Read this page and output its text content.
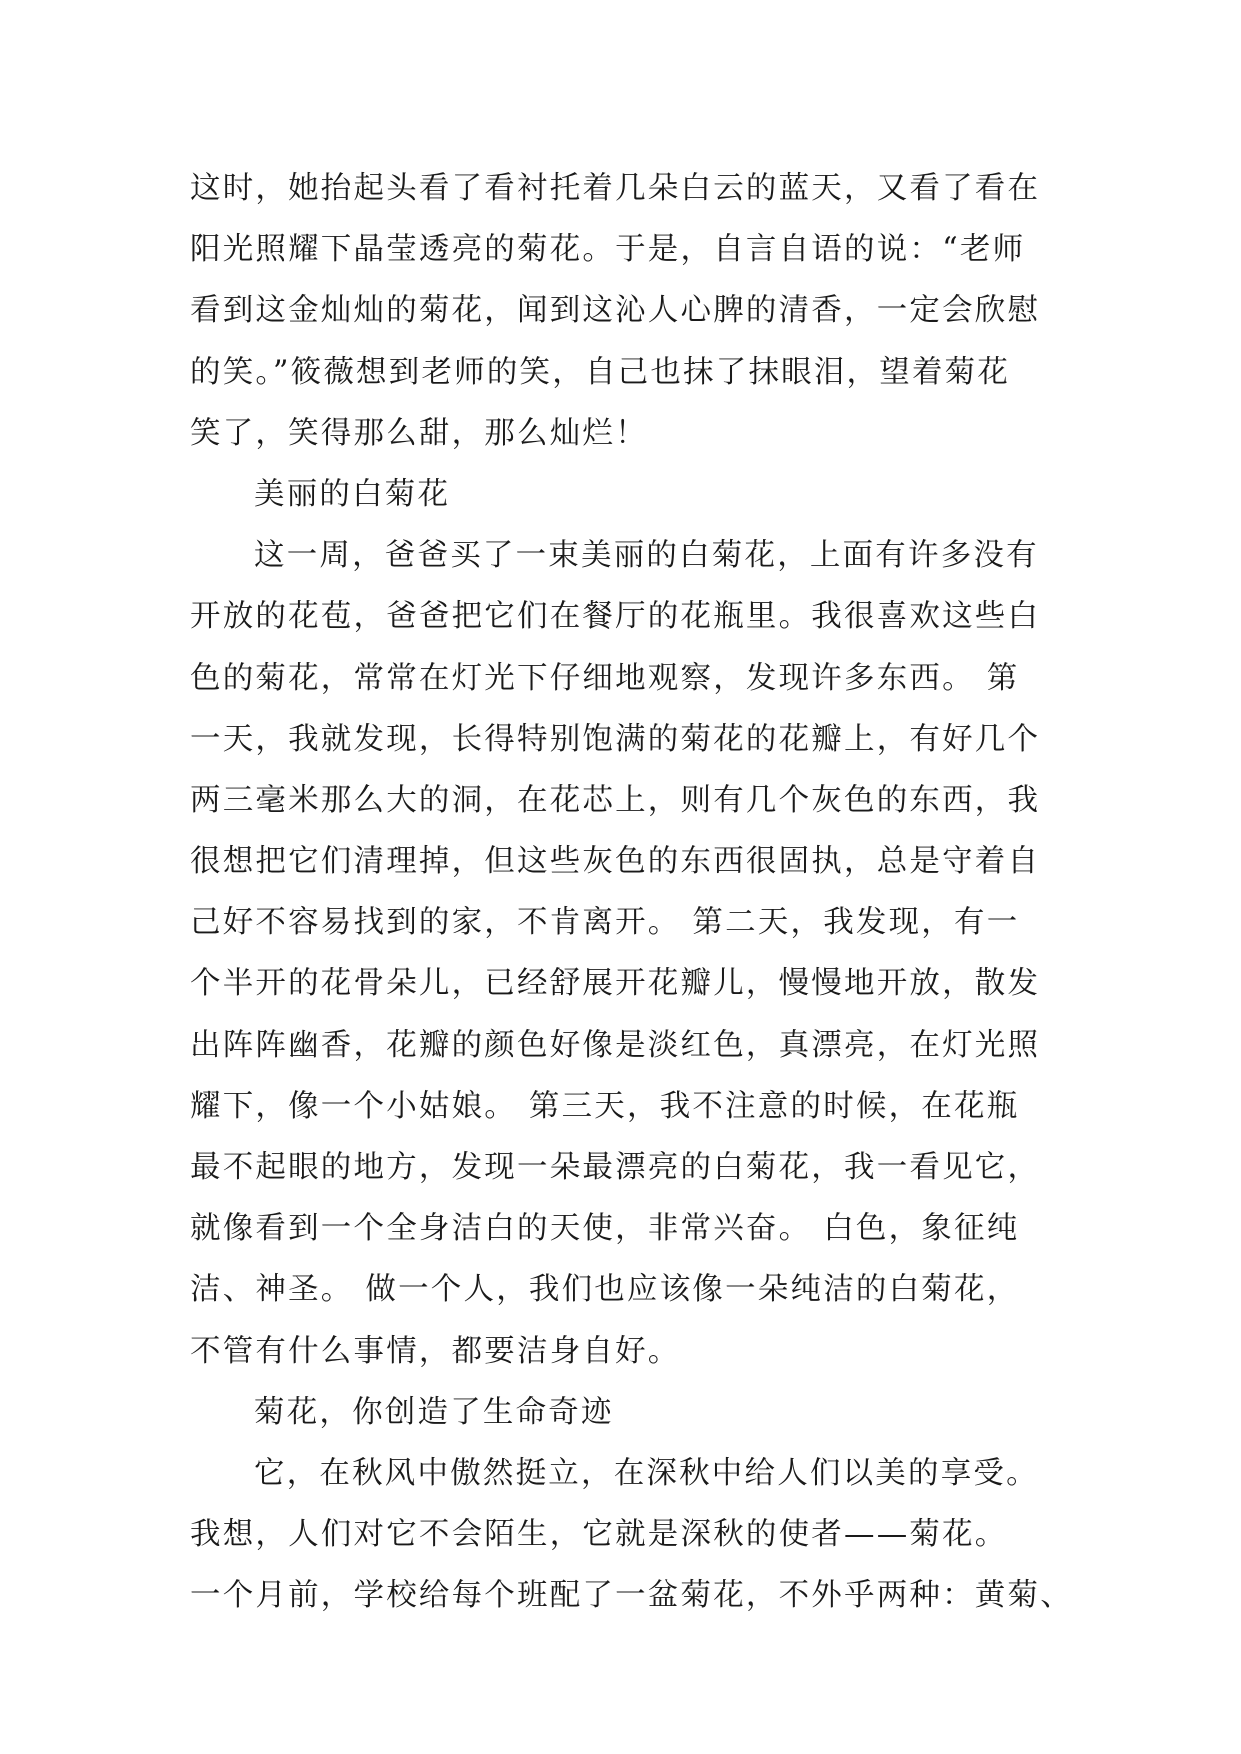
这时，她抬起头看了看衬托着几朵白云的蓝天，又看了看在
阳光照耀下晶莹透亮的菊花。于是，自言自语的说：“老师
看到这金灿灿的菊花，闻到这沁人心脾的清香，一定会欣慰
的笑。”筱薇想到老师的笑，自己也抹了抹眼泪，望着菊花
笑了，笑得那么甜，那么灿烂！
美丽的白菊花
这一周，爸爸买了一束美丽的白菊花，上面有许多没有
开放的花苞，爸爸把它们在餐厅的花瓶里。我很喜欢这些白
色的菊花，常常在灯光下仔细地观察，发现许多东西。 第
一天，我就发现，长得特别饱满的菊花的花瓣上，有好几个
两三毫米那么大的洞，在花芯上，则有几个灰色的东西，我
很想把它们清理掉，但这些灰色的东西很固执，总是守着自
己好不容易找到的家，不肯离开。 第二天，我发现，有一
个半开的花骨朵儿，已经舒展开花瓣儿，慢慢地开放，散发
出阵阵幽香，花瓣的颜色好像是淡红色，真漂亮，在灯光照
耀下，像一个小姑娘。 第三天，我不注意的时候，在花瓶
最不起眼的地方，发现一朵最漂亮的白菊花，我一看见它，
就像看到一个全身洁白的天使，非常兴奋。 白色，象征纯
洁、神圣。 做一个人，我们也应该像一朵纯洁的白菊花，
不管有什么事情，都要洁身自好。
菊花，你创造了生命奇迹
它，在秋风中傲然挺立，在深秋中给人们以美的享受。
我想，人们对它不会陌生，它就是深秋的使者——菊花。
一个月前，学校给每个班配了一盆菊花，不外乎两种：黄菊、
